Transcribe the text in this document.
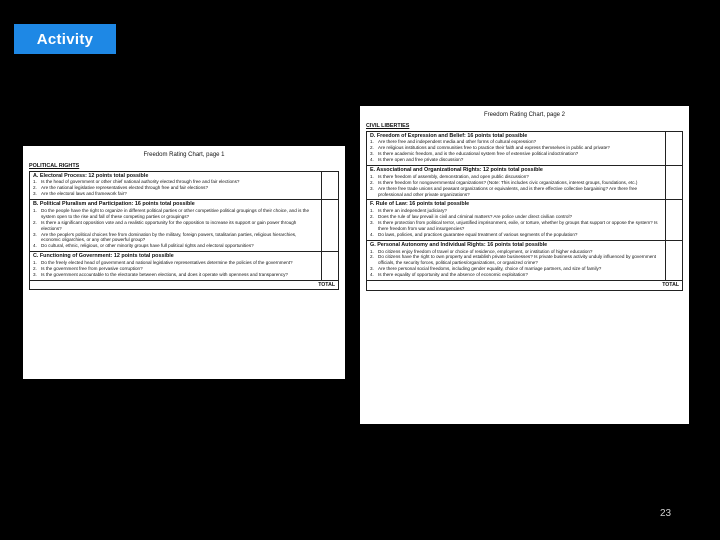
Activity
Freedom Rating Chart, page 1
POLITICAL RIGHTS
A. Electoral Process: 12 points total possible
1. Is the head of government or other chief national authority elected through free and fair elections?
2. Are the national legislative representatives elected through free and fair elections?
3. Are the electoral laws and framework fair?
B. Political Pluralism and Participation: 16 points total possible
1. Do the people have the right to organize in different political parties or other competitive political groupings of their choice, and is the system open to the rise and fall of these competing parties or groupings?
2. Is there a significant opposition vote and a realistic opportunity for the opposition to increase its support or gain power through elections?
3. Are the people's political choices free from domination by the military, foreign powers, totalitarian parties, religious hierarchies, economic oligarchies, or any other powerful group?
4. Do cultural, ethnic, religious, or other minority groups have full political rights and electoral opportunities?
C. Functioning of Government: 12 points total possible
1. Do the freely elected head of government and national legislative representatives determine the policies of the government?
2. Is the government free from pervasive corruption?
3. Is the government accountable to the electorate between elections, and does it operate with openness and transparency?
TOTAL
Freedom Rating Chart, page 2
CIVIL LIBERTIES
D. Freedom of Expression and Belief: 16 points total possible
1. Are there free and independent media and other forms of cultural expression?
2. Are religious institutions and communities free to practice their faith and express themselves in public and private?
3. Is there academic freedom, and is the educational system free of extensive political indoctrination?
4. Is there open and free private discussion?
E. Associational and Organizational Rights: 12 points total possible
1. Is there freedom of assembly, demonstration, and open public discussion?
2. Is there freedom for nongovernmental organizations? (Note: This includes civic organizations, interest groups, foundations, etc.)
3. Are there free trade unions and peasant organizations or equivalents, and is there effective collective bargaining? Are there free professional and other private organizations?
F. Rule of Law: 16 points total possible
1. Is there an independent judiciary?
2. Does the rule of law prevail in civil and criminal matters? Are police under direct civilian control?
3. Is there protection from political terror, unjustified imprisonment, exile, or torture, whether by groups that support or oppose the system? Is there freedom from war and insurgencies?
4. Do laws, policies, and practices guarantee equal treatment of various segments of the population?
G. Personal Autonomy and Individual Rights: 16 points total possible
1. Do citizens enjoy freedom of travel or choice of residence, employment, or institution of higher education?
2. Do citizens have the right to own property and establish private businesses? Is private business activity unduly influenced by government officials, the security forces, political parties/organizations, or organized crime?
3. Are there personal social freedoms, including gender equality, choice of marriage partners, and size of family?
4. Is there equality of opportunity and the absence of economic exploitation?
TOTAL
23
